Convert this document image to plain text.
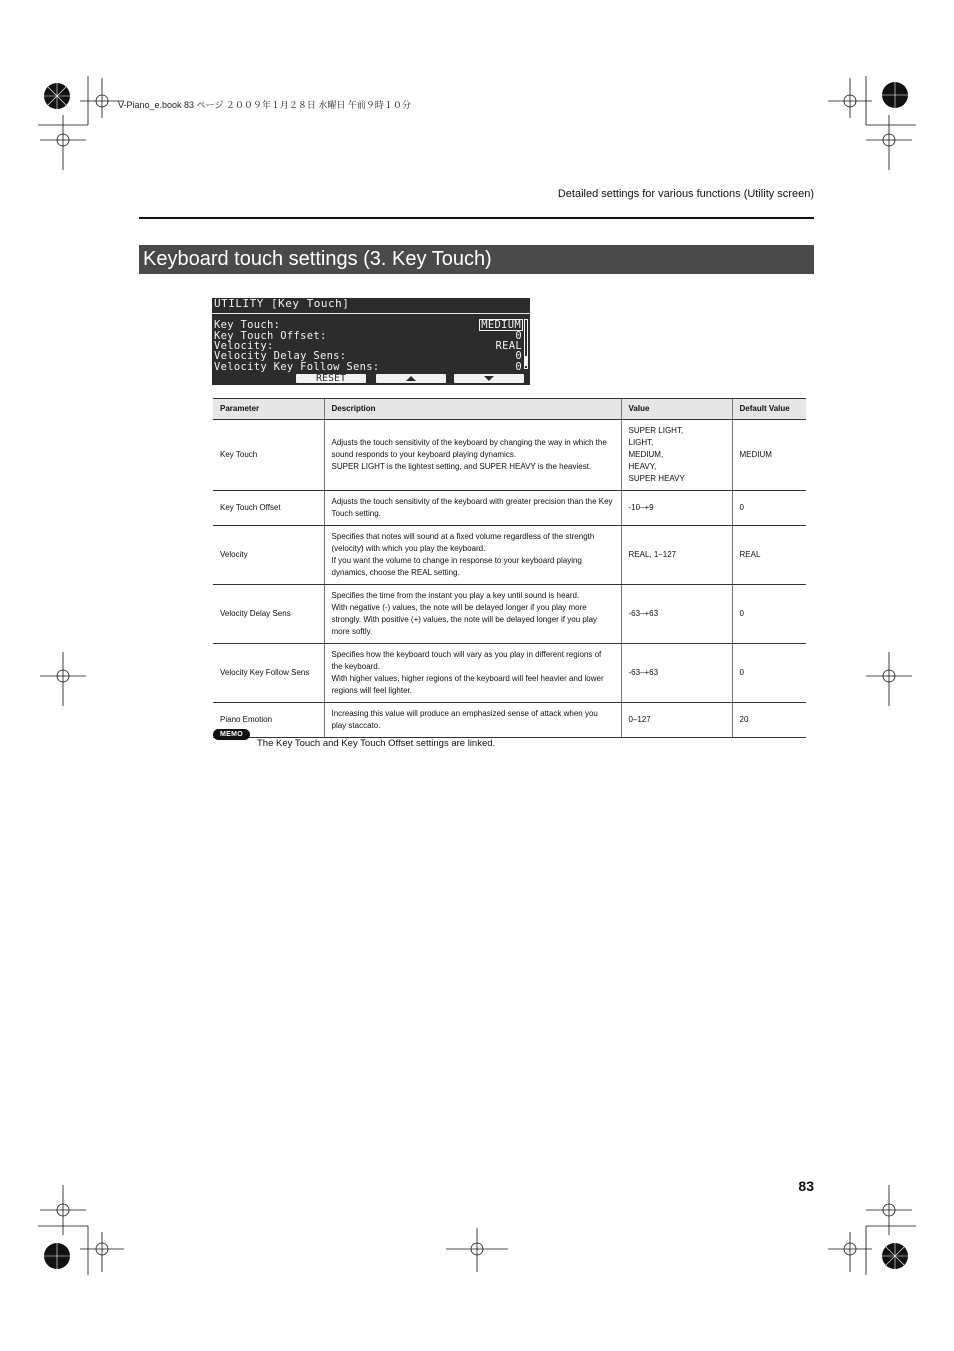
V-Piano_e.book 83 ページ ２００９年１月２８日 水曜日 午前９時１０分
Detailed settings for various functions (Utility screen)
Keyboard touch settings (3. Key Touch)
UTILITY [Key Touch]
Key Touch:	MEDIUM
Key Touch Offset:	0
Velocity:	REAL
Velocity Delay Sens:	0
Velocity Key Follow Sens:	0
RESET
Parameter	Description	Value	Default Value
Key Touch	Adjusts the touch sensitivity of the keyboard by changing the way in which the sound responds to your keyboard playing dynamics.
SUPER LIGHT is the lightest setting, and SUPER HEAVY is the heaviest.	SUPER LIGHT,
LIGHT,
MEDIUM,
HEAVY,
SUPER HEAVY	MEDIUM
Key Touch Offset	Adjusts the touch sensitivity of the keyboard with greater precision than the Key Touch setting.	-10–+9	0
Velocity	Specifies that notes will sound at a fixed volume regardless of the strength (velocity) with which you play the keyboard.
If you want the volume to change in response to your keyboard playing dynamics, choose the REAL setting.	REAL, 1–127	REAL
Velocity Delay Sens	Specifies the time from the instant you play a key until sound is heard.
With negative (-) values, the note will be delayed longer if you play more strongly. With positive (+) values, the note will be delayed longer if you play more softly.	-63–+63	0
Velocity Key Follow Sens	Specifies how the keyboard touch will vary as you play in different regions of the keyboard.
With higher values, higher regions of the keyboard will feel heavier and lower regions will feel lighter.	-63–+63	0
Piano Emotion	Increasing this value will produce an emphasized sense of attack when you play staccato.	0–127	20
MEMO
The Key Touch and Key Touch Offset settings are linked.
83
